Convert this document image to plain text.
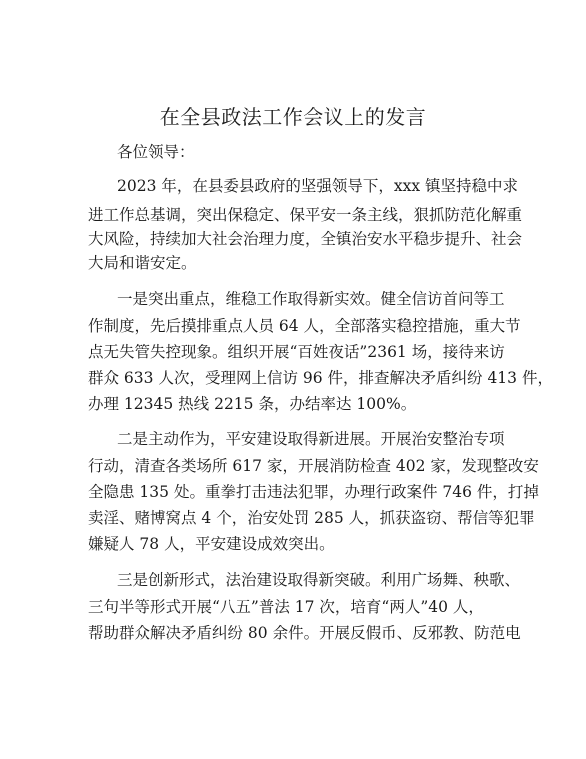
在全县政法工作会议上的发言
各位领导：
2023 年，在县委县政府的坚强领导下，xxx 镇坚持稳中求
进工作总基调，突出保稳定、保平安一条主线，狠抓防范化解重
大风险，持续加大社会治理力度，全镇治安水平稳步提升、社会
大局和谐安定。
一是突出重点，维稳工作取得新实效。健全信访首问等工
作制度，先后摸排重点人员 64 人，全部落实稳控措施，重大节
点无失管失控现象。组织开展“百姓夜话”2361 场，接待来访
群众 633 人次，受理网上信访 96 件，排查解决矛盾纠纷 413 件，
办理 12345 热线 2215 条，办结率达 100%。
二是主动作为，平安建设取得新进展。开展治安整治专项
行动，清查各类场所 617 家，开展消防检查 402 家，发现整改安
全隐患 135 处。重拳打击违法犯罪，办理行政案件 746 件，打掉
卖淫、赌博窝点 4 个，治安处罚 285 人，抓获盗窃、帮信等犯罪
嫌疑人 78 人，平安建设成效突出。
三是创新形式，法治建设取得新突破。利用广场舞、秧歌、
三句半等形式开展“八五”普法 17 次，培育“两人”40 人，
帮助群众解决矛盾纠纷 80 余件。开展反假币、反邪教、防范电
